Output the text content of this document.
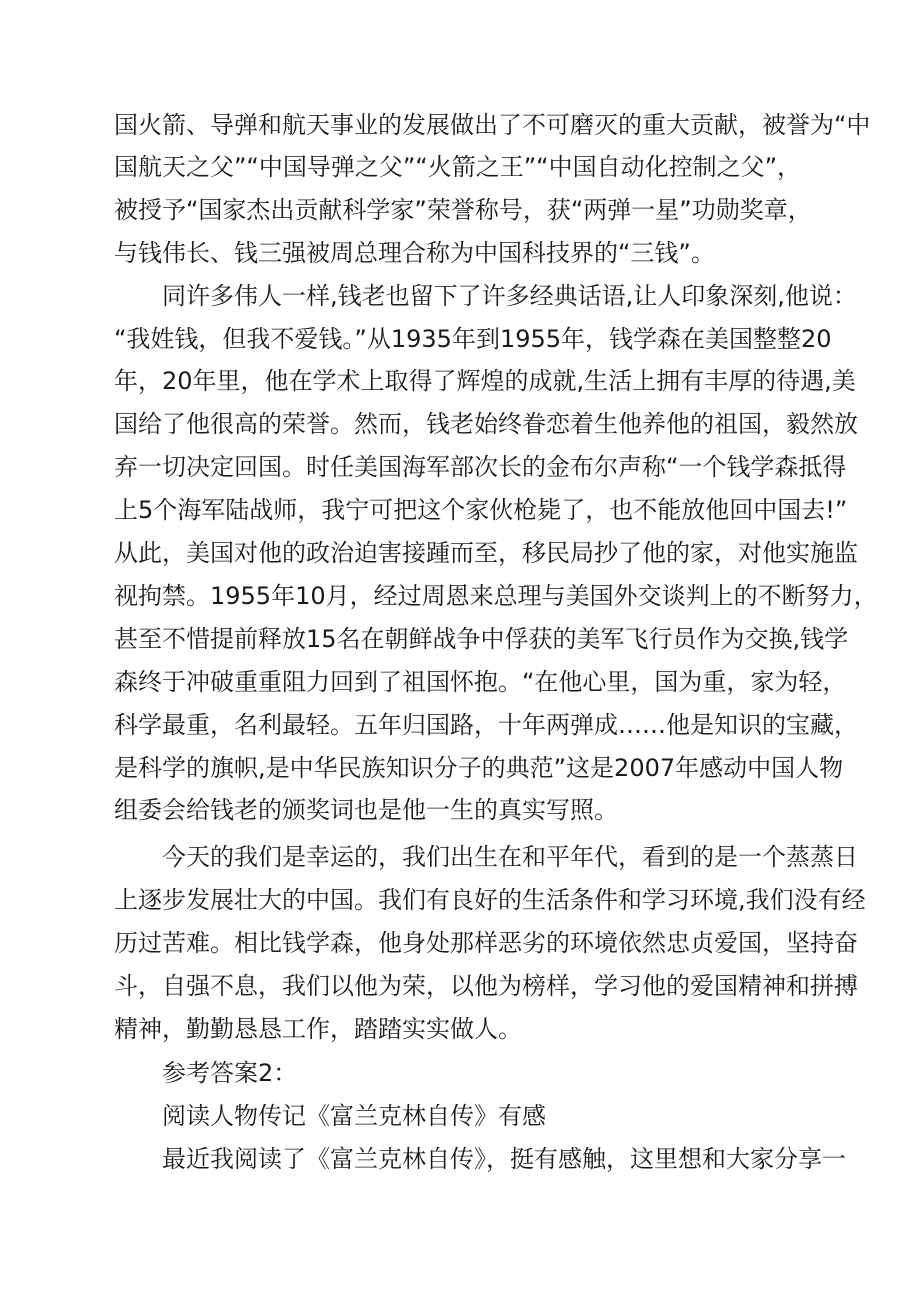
国火箭、导弹和航天事业的发展做出了不可磨灭的重大贡献，被誉为“中
国航天之父”“中国导弹之父”“火箭之王”“中国自动化控制之父”，
被授予“国家杰出贡献科学家”荣誉称号，获“两弹一星”功勋奖章，
与钱伟长、钱三强被周总理合称为中国科技界的“三钱”。
同许多伟人一样,钱老也留下了许多经典话语,让人印象深刻,他说：
“我姓钱，但我不爱钱。”从1935年到1955年，钱学森在美国整整20
年，20年里，他在学术上取得了辉煌的成就,生活上拥有丰厚的待遇,美
国给了他很高的荣誉。然而，钱老始终眷恋着生他养他的祖国，毅然放
弃一切决定回国。时任美国海军部次长的金布尔声称“一个钱学森抵得
上5个海军陆战师，我宁可把这个家伙枪毙了，也不能放他回中国去!”
从此，美国对他的政治迫害接踵而至，移民局抄了他的家，对他实施监
视拘禁。1955年10月，经过周恩来总理与美国外交谈判上的不断努力，
甚至不惜提前释放15名在朝鲜战争中俘获的美军飞行员作为交换,钱学
森终于冲破重重阻力回到了祖国怀抱。“在他心里，国为重，家为轻，
科学最重，名利最轻。五年归国路，十年两弹成……他是知识的宝藏，
是科学的旗帜,是中华民族知识分子的典范”这是2007年感动中国人物
组委会给钱老的颁奖词也是他一生的真实写照。
今天的我们是幸运的，我们出生在和平年代，看到的是一个蒸蒸日
上逐步发展壮大的中国。我们有良好的生活条件和学习环境,我们没有经
历过苦难。相比钱学森，他身处那样恶劣的环境依然忠贞爱国，坚持奋
斗，自强不息，我们以他为荣，以他为榜样，学习他的爱国精神和拼搏
精神，勤勤恳恳工作，踏踏实实做人。
参考答案2：
阅读人物传记《富兰克林自传》有感
最近我阅读了《富兰克林自传》，挺有感触，这里想和大家分享一
